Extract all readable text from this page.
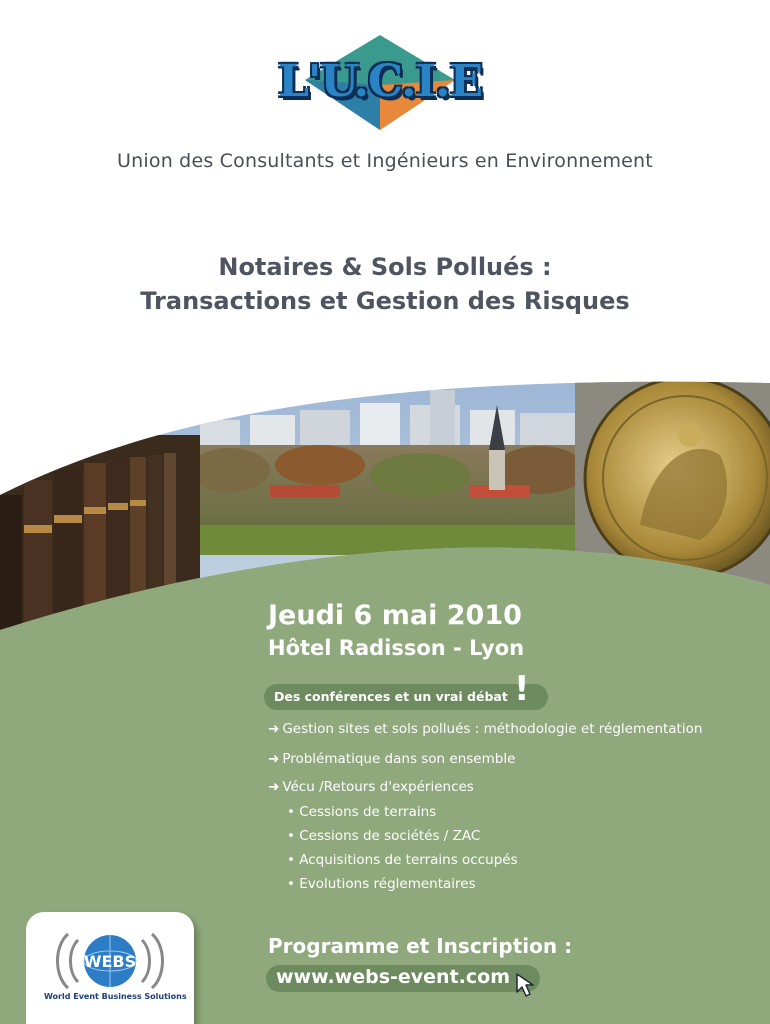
L'U.C.I.E
Union des Consultants et Ingénieurs en Environnement
Notaires & Sols Pollués :
Transactions et Gestion des Risques
Jeudi 6 mai 2010
Hôtel Radisson - Lyon
Des conférences et un vrai débat !
➜ Gestion sites et sols pollués : méthodologie et réglementation
➜ Problématique dans son ensemble
➜ Vécu /Retours d'expériences
• Cessions de terrains
• Cessions de sociétés / ZAC
• Acquisitions de terrains occupés
• Evolutions réglementaires
Programme et Inscription :
www.webs-event.com
WEBS
World Event Business Solutions
